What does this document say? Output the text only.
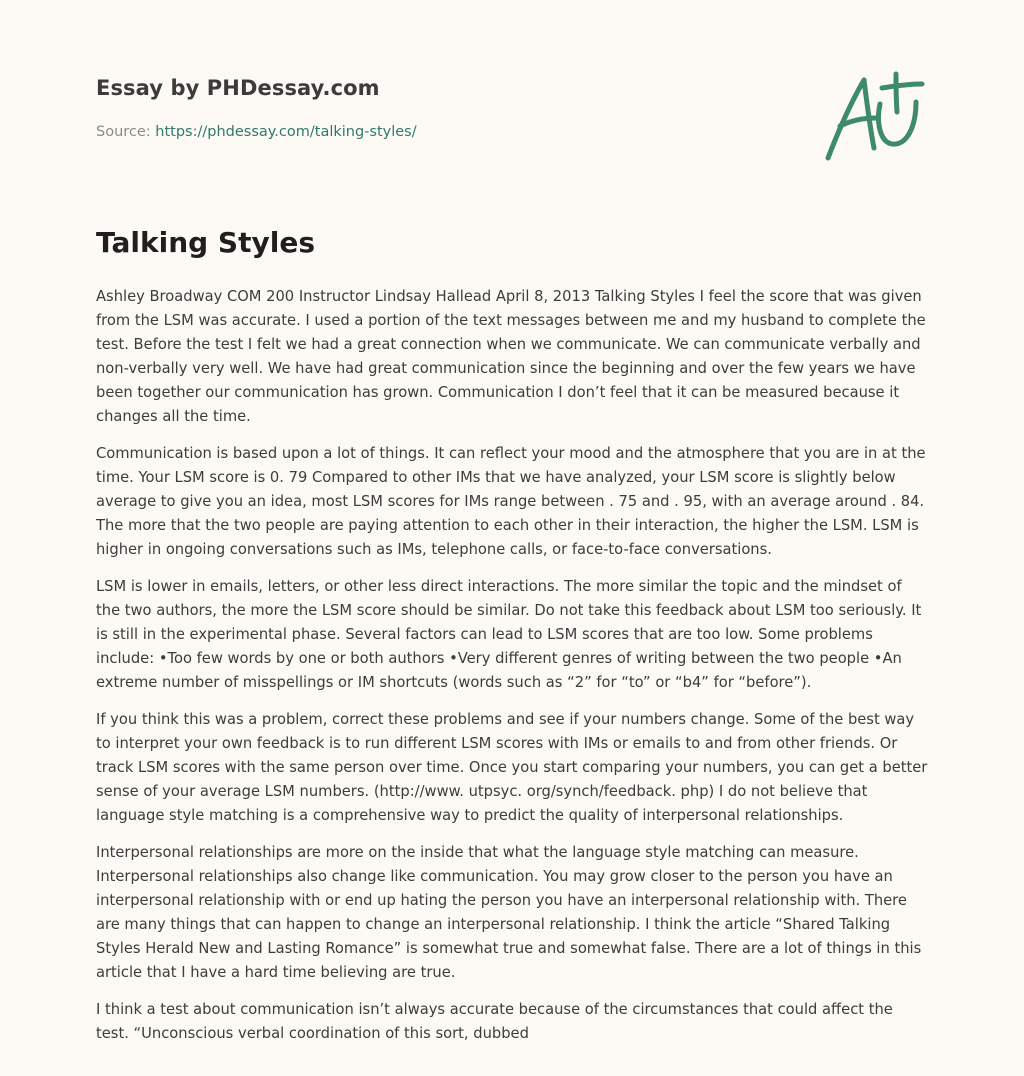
Essay by PHDessay.com
Source: https://phdessay.com/talking-styles/
Talking Styles

Ashley Broadway COM 200 Instructor Lindsay Hallead April 8, 2013 Talking Styles I feel the score that was given from the LSM was accurate. I used a portion of the text messages between me and my husband to complete the test. Before the test I felt we had a great connection when we communicate. We can communicate verbally and non-verbally very well. We have had great communication since the beginning and over the few years we have been together our communication has grown. Communication I don’t feel that it can be measured because it changes all the time.

Communication is based upon a lot of things. It can reflect your mood and the atmosphere that you are in at the time. Your LSM score is 0. 79 Compared to other IMs that we have analyzed, your LSM score is slightly below average to give you an idea, most LSM scores for IMs range between . 75 and . 95, with an average around . 84. The more that the two people are paying attention to each other in their interaction, the higher the LSM. LSM is higher in ongoing conversations such as IMs, telephone calls, or face-to-face conversations.

LSM is lower in emails, letters, or other less direct interactions. The more similar the topic and the mindset of the two authors, the more the LSM score should be similar. Do not take this feedback about LSM too seriously. It is still in the experimental phase. Several factors can lead to LSM scores that are too low. Some problems include: •Too few words by one or both authors •Very different genres of writing between the two people •An extreme number of misspellings or IM shortcuts (words such as “2” for “to” or “b4” for “before”).

If you think this was a problem, correct these problems and see if your numbers change. Some of the best way to interpret your own feedback is to run different LSM scores with IMs or emails to and from other friends. Or track LSM scores with the same person over time. Once you start comparing your numbers, you can get a better sense of your average LSM numbers. (http://www. utpsyc. org/synch/feedback. php) I do not believe that language style matching is a comprehensive way to predict the quality of interpersonal relationships.

Interpersonal relationships are more on the inside that what the language style matching can measure. Interpersonal relationships also change like communication. You may grow closer to the person you have an interpersonal relationship with or end up hating the person you have an interpersonal relationship with. There are many things that can happen to change an interpersonal relationship. I think the article “Shared Talking Styles Herald New and Lasting Romance” is somewhat true and somewhat false. There are a lot of things in this article that I have a hard time believing are true.

I think a test about communication isn’t always accurate because of the circumstances that could affect the test. “Unconscious verbal coordination of this sort, dubbed
